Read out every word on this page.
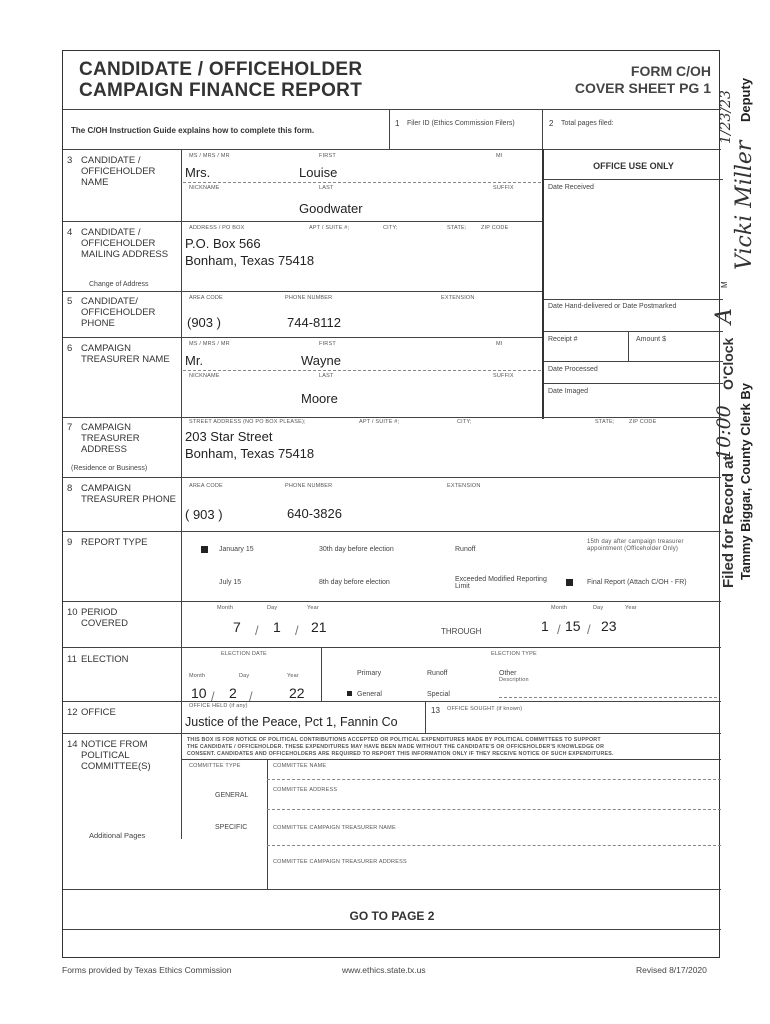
CANDIDATE / OFFICEHOLDER
CAMPAIGN FINANCE REPORT
FORM C/OH
COVER SHEET PG 1
The C/OH Instruction Guide explains how to complete this form.
1 Filer ID (Ethics Commission Filers)	2 Total pages filed:
OFFICE USE ONLY
Date Received
Date Hand-delivered or Date Postmarked
Receipt #	Amount $
Date Processed
Date Imaged
3 CANDIDATE / OFFICEHOLDER NAME
MS / MRS / MR	FIRST	MI
Mrs.	Louise
NICKNAME	LAST	SUFFIX
Goodwater
4 CANDIDATE / OFFICEHOLDER MAILING ADDRESS
Change of Address
ADDRESS / PO BOX	APT / SUITE #;	CITY;	STATE;	ZIP CODE
P.O. Box 566
Bonham, Texas 75418
5 CANDIDATE/ OFFICEHOLDER PHONE
AREA CODE	PHONE NUMBER	EXTENSION
(903 )	744-8112
6 CAMPAIGN TREASURER NAME
MS / MRS / MR	FIRST	MI
Mr.	Wayne
NICKNAME	LAST	SUFFIX
Moore
7 CAMPAIGN TREASURER ADDRESS
(Residence or Business)
STREET ADDRESS (NO PO BOX PLEASE);	APT / SUITE #;	CITY;	STATE;	ZIP CODE
203 Star Street
Bonham, Texas 75418
8 CAMPAIGN TREASURER PHONE
AREA CODE	PHONE NUMBER	EXTENSION
( 903 )	640-3826
9 REPORT TYPE
January 15
July 15
30th day before election
8th day before election
Runoff
Exceeded Modified Reporting Limit
15th day after campaign treasurer appointment (Officeholder Only)
Final Report (Attach C/OH - FR)
10 PERIOD COVERED
Month	Day	Year	Month	Day	Year
7 / 1 / 21	THROUGH	1 / 15 / 23
11 ELECTION	ELECTION DATE	ELECTION TYPE
Month	Day	Year
10 / 2 /	22
Primary	Runoff	Other
Description
General	Special
12 OFFICE
OFFICE HELD (if any)
Justice of the Peace, Pct 1, Fannin Co
13 OFFICE SOUGHT (if known)
14 NOTICE FROM POLITICAL COMMITTEE(S)
Additional Pages
THIS BOX IS FOR NOTICE OF POLITICAL CONTRIBUTIONS ACCEPTED OR POLITICAL EXPENDITURES MADE BY POLITICAL COMMITTEES TO SUPPORT
THE CANDIDATE / OFFICEHOLDER. THESE EXPENDITURES MAY HAVE BEEN MADE WITHOUT THE CANDIDATE'S OR OFFICEHOLDER'S KNOWLEDGE OR
CONSENT. CANDIDATES AND OFFICEHOLDERS ARE REQUIRED TO REPORT THIS INFORMATION ONLY IF THEY RECEIVE NOTICE OF SUCH EXPENDITURES.
COMMITTEE TYPE	COMMITTEE NAME
GENERAL
COMMITTEE ADDRESS
SPECIFIC	COMMITTEE CAMPAIGN TREASURER NAME
COMMITTEE CAMPAIGN TREASURER ADDRESS
GO TO PAGE 2
Forms provided by Texas Ethics Commission	www.ethics.state.tx.us	Revised 8/17/2020
Filed for Record at
10:00
O'Clock
A
M
Tammy Biggar, County Clerk By
Vicki Miller
1/23/23 Deputy
